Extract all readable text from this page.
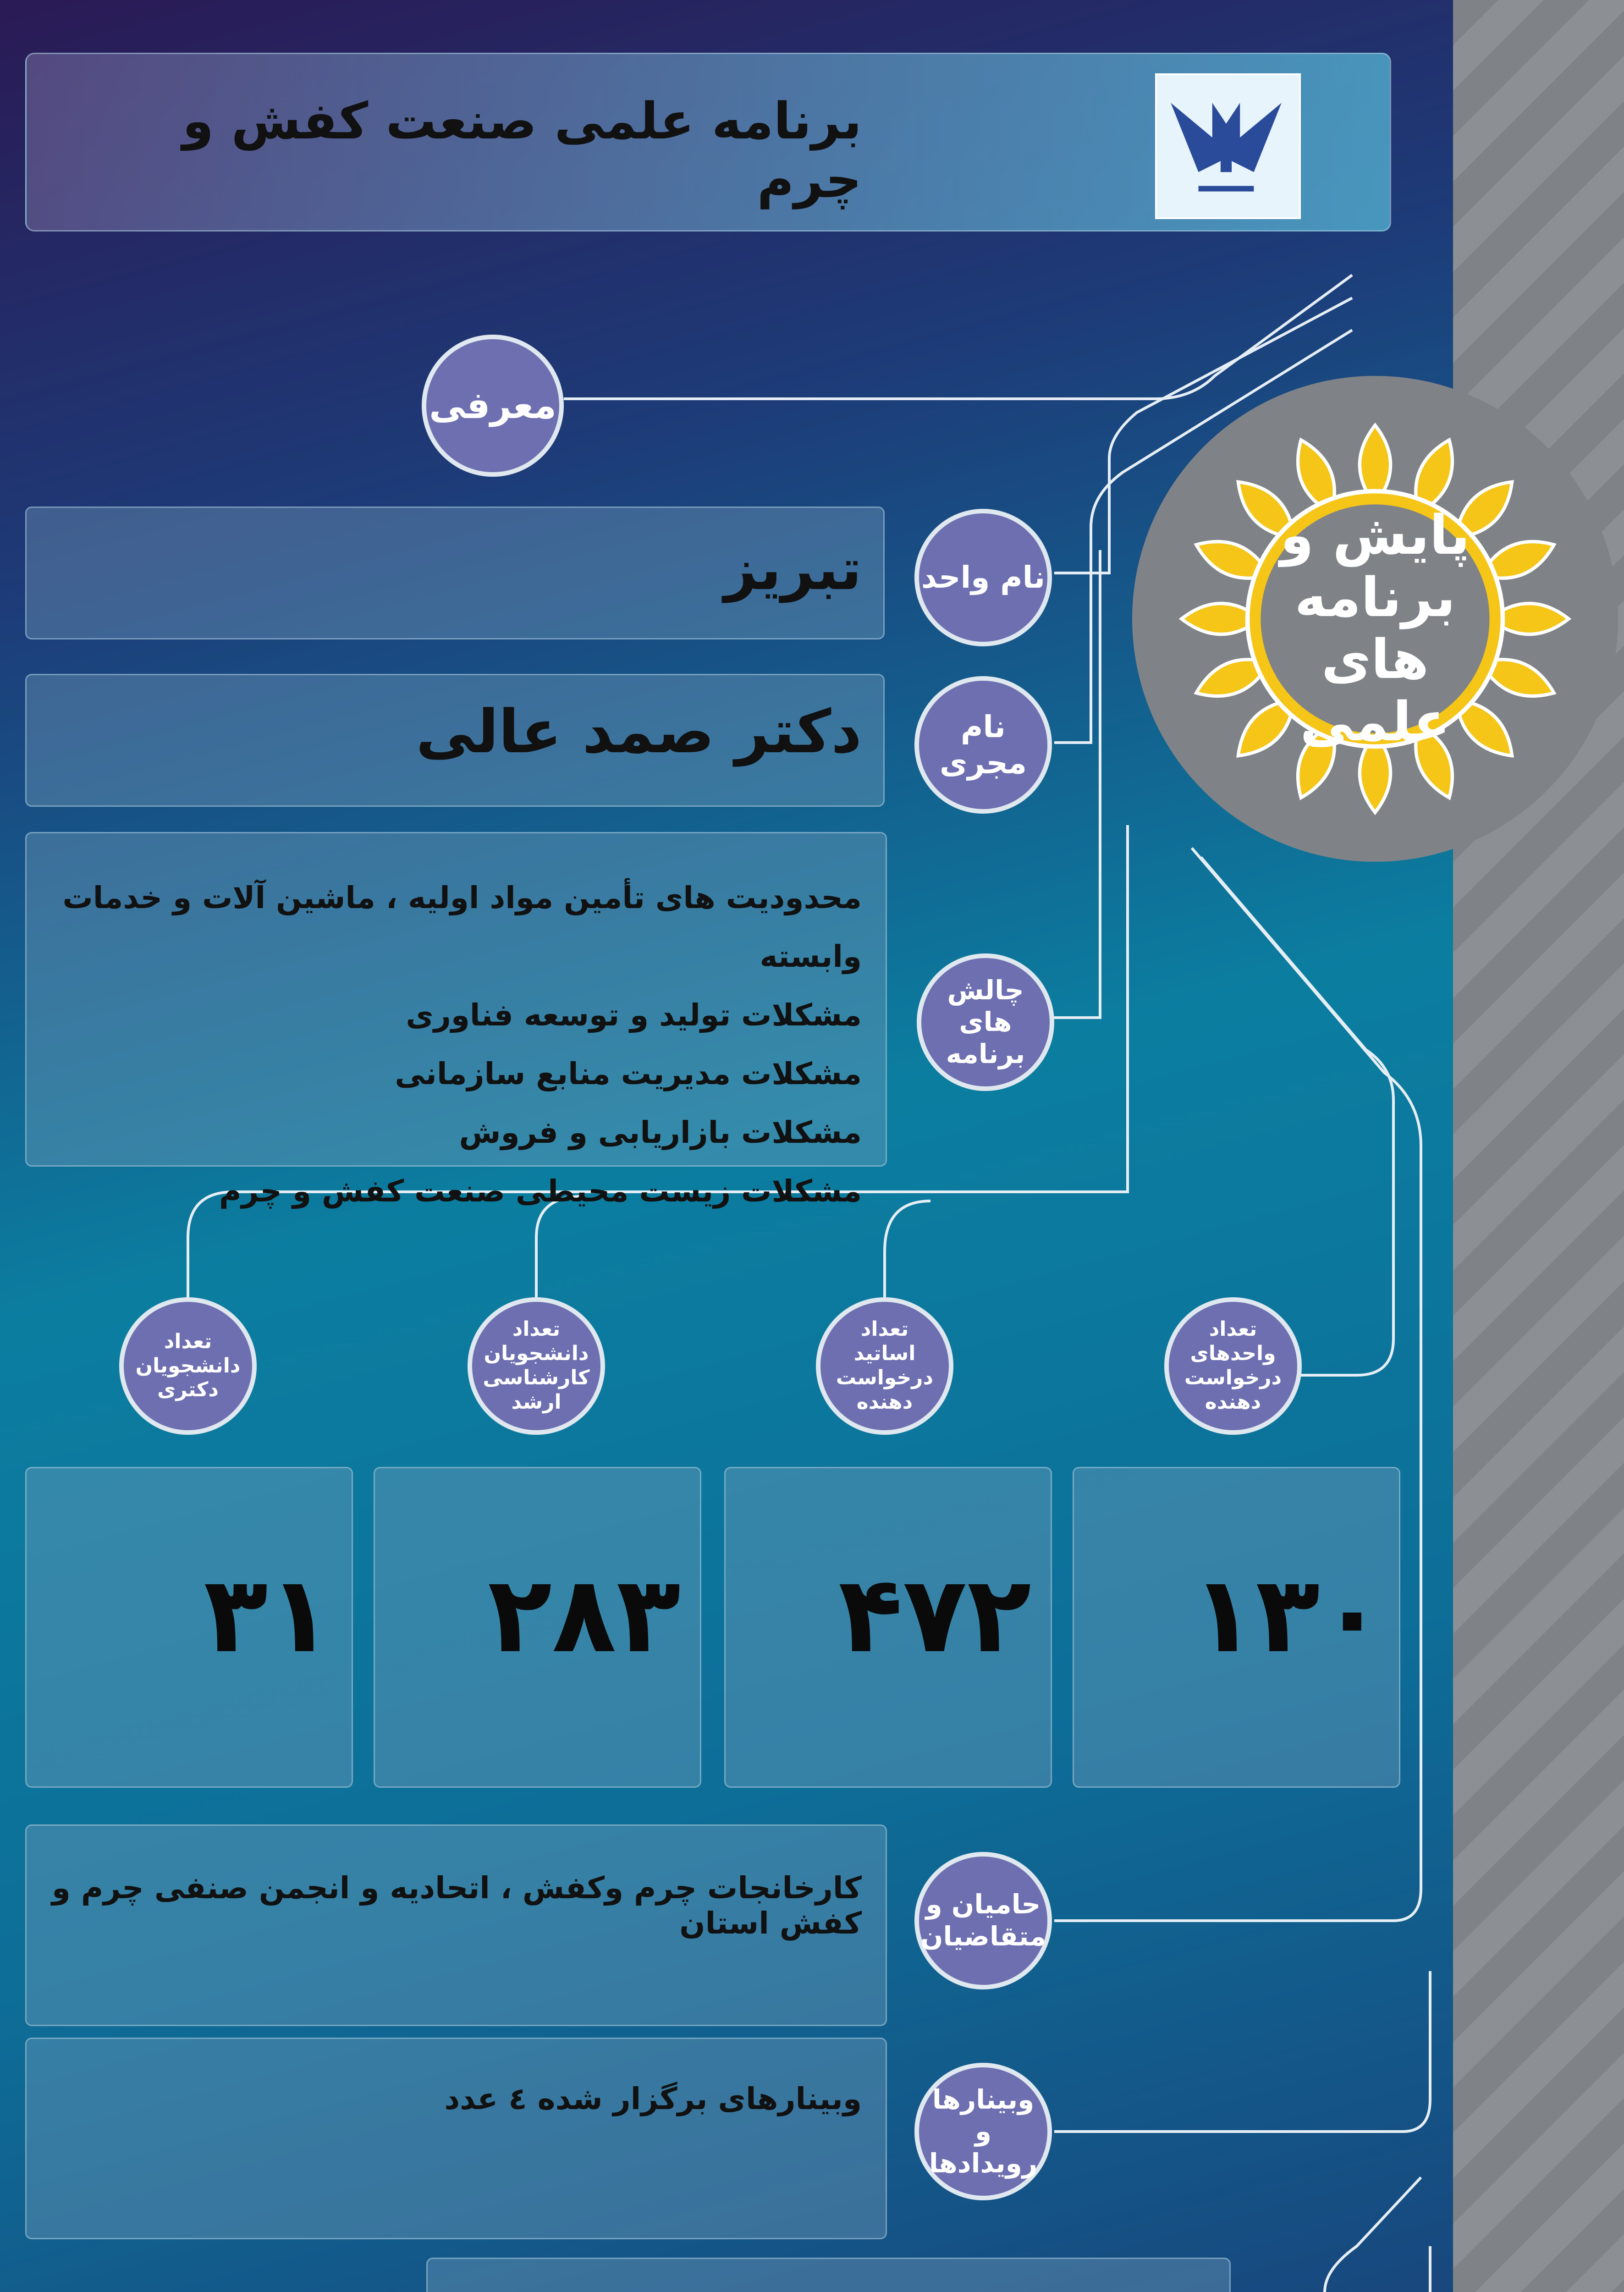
برنامه علمی صنعت کفش و چرم
پایش و برنامه های علمی
معرفی
تبریز نام واحد
دکتر صمد عالی	نام مجری
محدودیت های تأمین مواد اولیه ، ماشین آلات و خدمات وابسته
مشکلات تولید و توسعه فناوری
مشکلات مدیریت منابع سازمانی
مشکلات بازاریابی و فروش
مشکلات زیست محیطی صنعت کفش و چرم
چالش های برنامه
تعداد واحدهای درخواست دهنده
تعداد اساتید درخواست دهنده
تعداد دانشجویان کارشناسی ارشد
تعداد دانشجویان دکتری
۱۳۰
۴۷۲
۲۸۳
۳۱
کارخانجات چرم وکفش ، اتحادیه و انجمن صنفی چرم و کفش استان
حامیان و متقاضیان
وبینارهای برگزار شده ٤ عدد	وبینارها و رویدادها
